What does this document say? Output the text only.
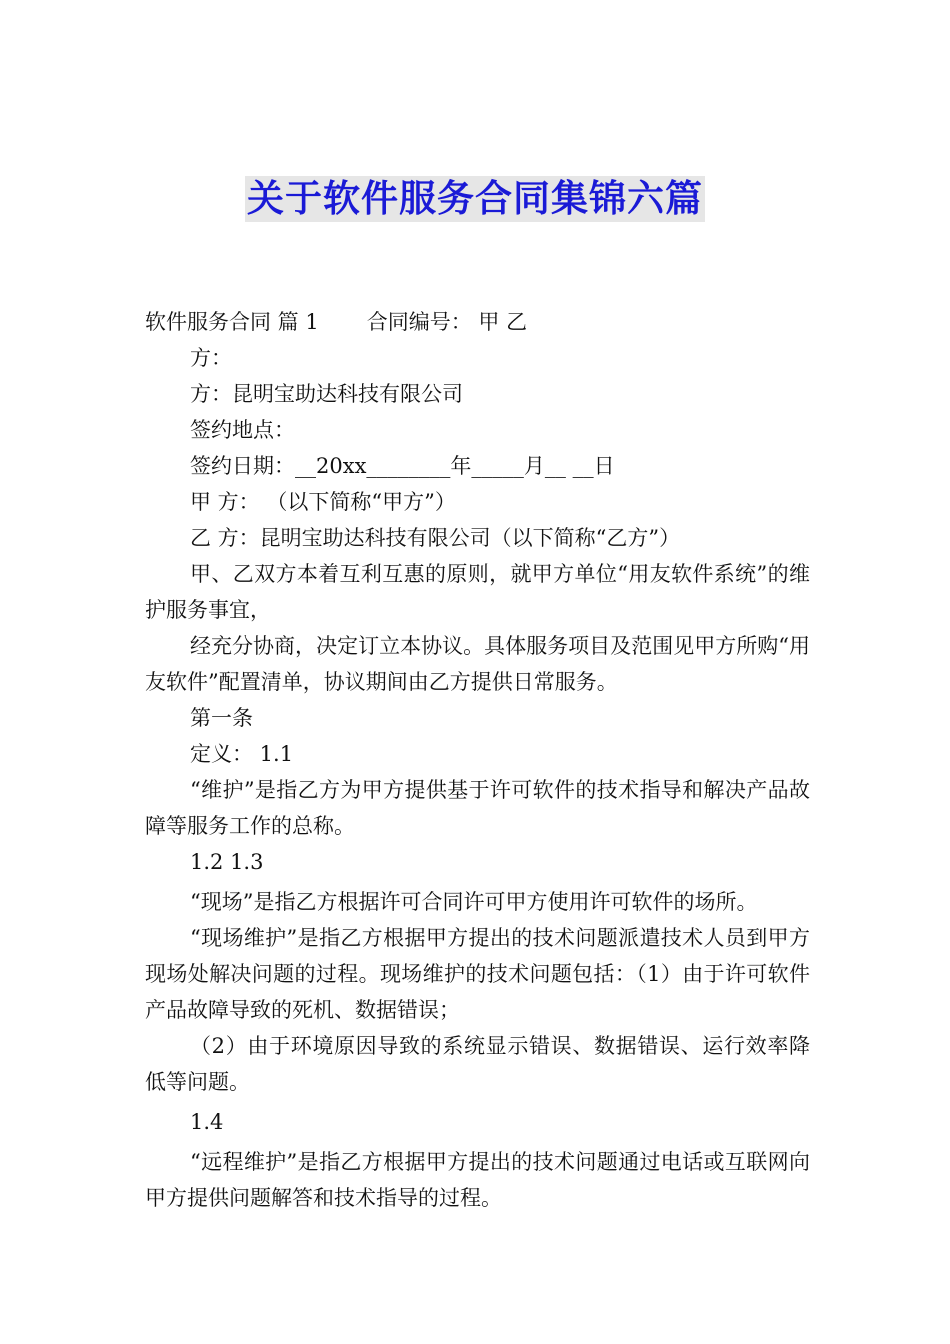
关于软件服务合同集锦六篇
软件服务合同 篇 1 合同编号： 甲 乙
方：
方：昆明宝助达科技有限公司
签约地点：
签约日期：__20xx________年_____月__ __日
甲 方： （以下简称“甲方”）
乙 方：昆明宝助达科技有限公司（以下简称“乙方”）
甲、乙双方本着互利互惠的原则，就甲方单位“用友软件系统”的维护服务事宜，
经充分协商，决定订立本协议。具体服务项目及范围见甲方所购“用友软件”配置清单，协议期间由乙方提供日常服务。
第一条
定义： 1.1
“维护”是指乙方为甲方提供基于许可软件的技术指导和解决产品故障等服务工作的总称。
1.2 1.3
“现场”是指乙方根据许可合同许可甲方使用许可软件的场所。
“现场维护”是指乙方根据甲方提出的技术问题派遣技术人员到甲方现场处解决问题的过程。现场维护的技术问题包括：（1）由于许可软件产品故障导致的死机、数据错误；
（2）由于环境原因导致的系统显示错误、数据错误、运行效率降低等问题。
1.4
“远程维护”是指乙方根据甲方提出的技术问题通过电话或互联网向甲方提供问题解答和技术指导的过程。
